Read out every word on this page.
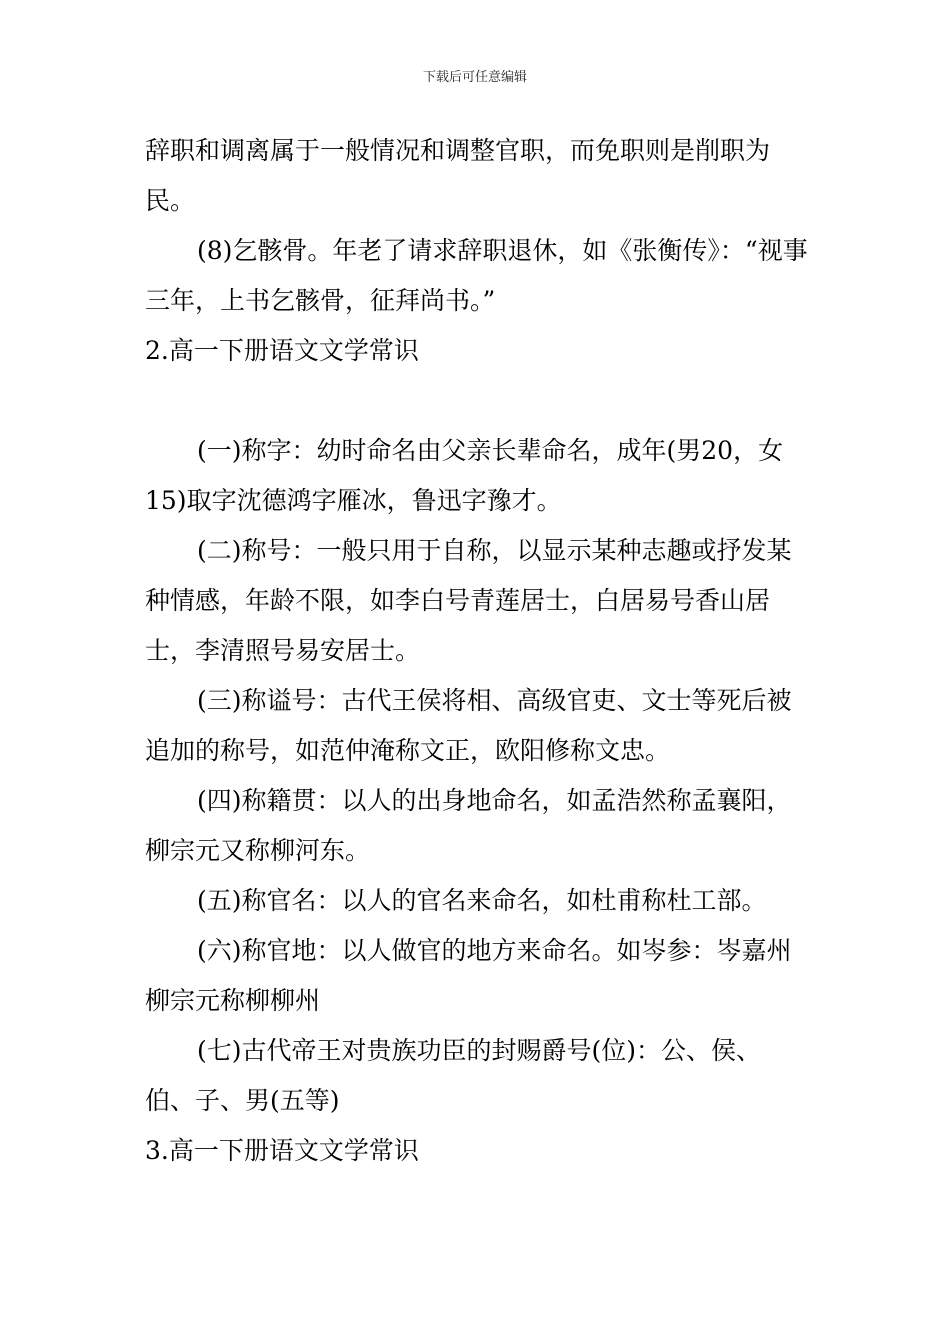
下载后可任意编辑

辞职和调离属于一般情况和调整官职，而免职则是削职为民。

(8)乞骸骨。年老了请求辞职退休，如《张衡传》：“视事三年，上书乞骸骨，征拜尚书。”

2.高一下册语文文学常识

(一)称字：幼时命名由父亲长辈命名，成年(男20，女15)取字沈德鸿字雁冰，鲁迅字豫才。

(二)称号：一般只用于自称，以显示某种志趣或抒发某种情感，年龄不限，如李白号青莲居士，白居易号香山居士，李清照号易安居士。

(三)称谥号：古代王侯将相、高级官吏、文士等死后被追加的称号，如范仲淹称文正，欧阳修称文忠。

(四)称籍贯：以人的出身地命名，如孟浩然称孟襄阳，柳宗元又称柳河东。

(五)称官名：以人的官名来命名，如杜甫称杜工部。

(六)称官地：以人做官的地方来命名。如岑参：岑嘉州柳宗元称柳柳州

(七)古代帝王对贵族功臣的封赐爵号(位)：公、侯、伯、子、男(五等)

3.高一下册语文文学常识
